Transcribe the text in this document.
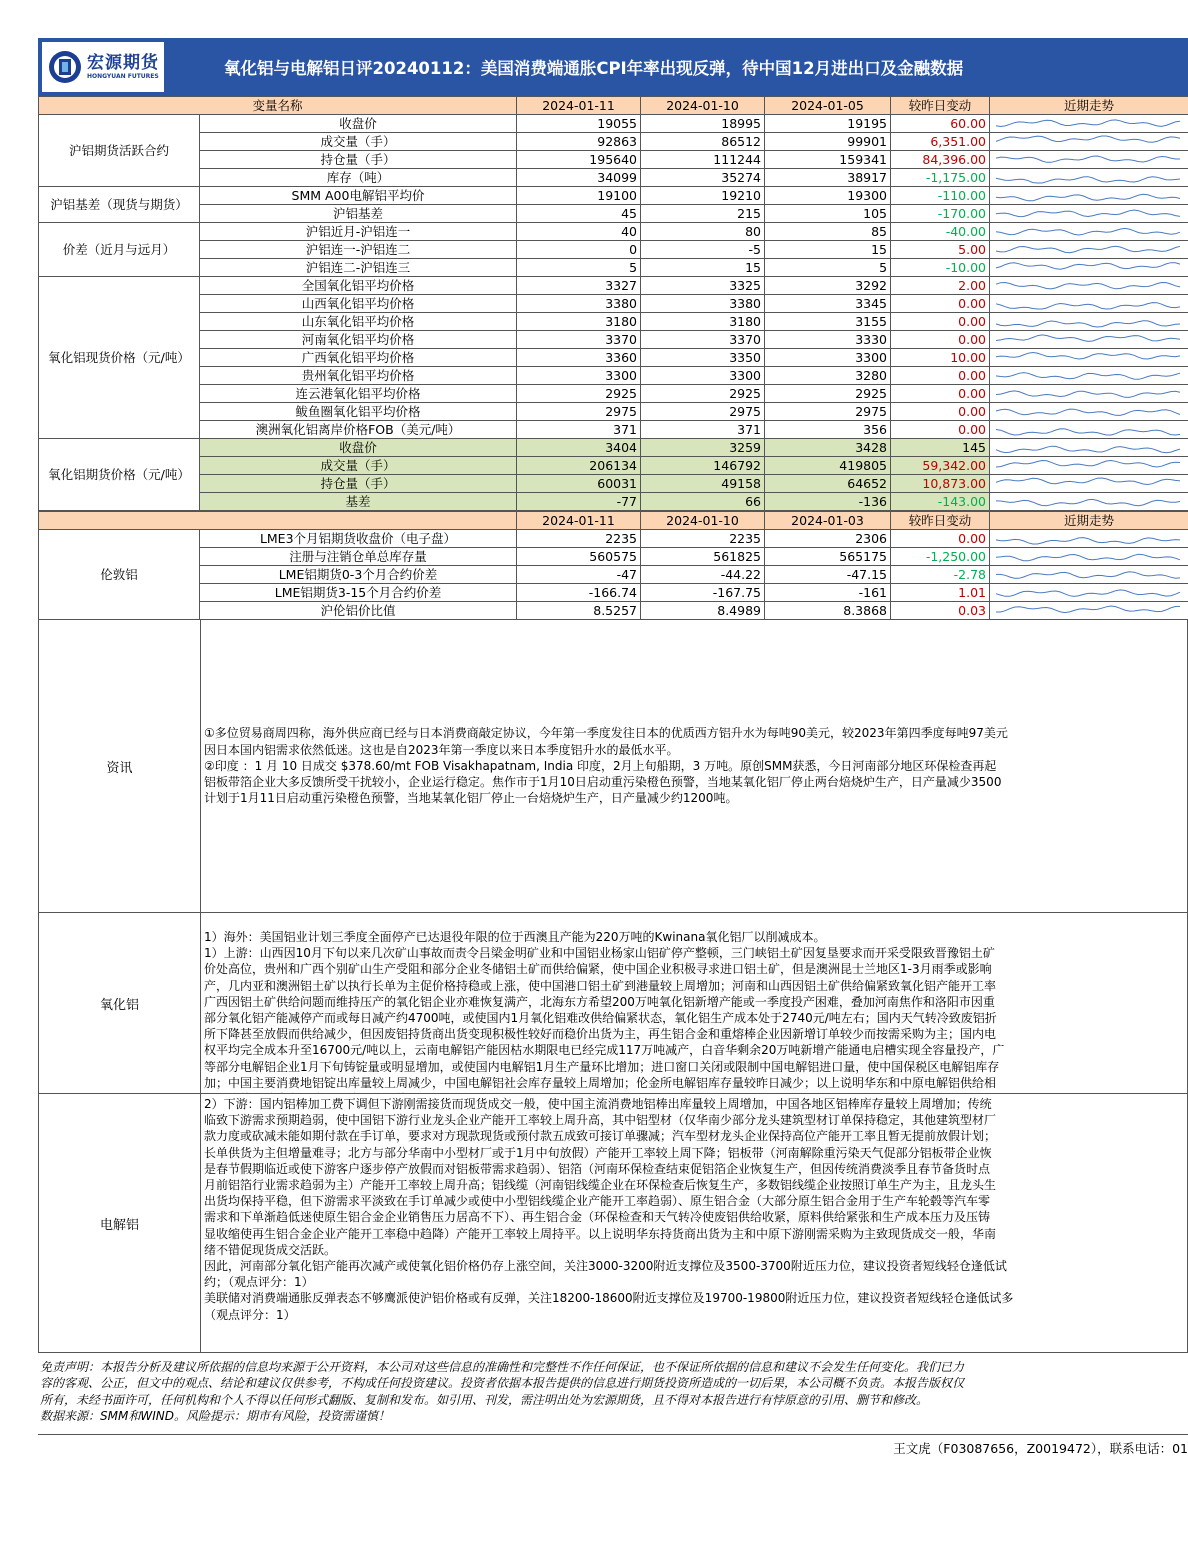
宏源期货
HONGYUAN FUTURES	氧化铝与电解铝日评20240112：美国消费端通胀CPI年率出现反弹，待中国12月进出口及金融数据
变量名称		2024-01-11	2024-01-10	2024-01-05	较昨日变动	近期走势
沪铝期货活跃合约	收盘价	19055	18995	19195	60.00	

	成交量（手）	92863	86512	99901	6,351.00	

	持仓量（手）	195640	111244	159341	84,396.00	

	库存（吨）	34099	35274	38917	-1,175.00	

沪铝基差（现货与期货）	SMM A00电解铝平均价	19100	19210	19300	-110.00	

	沪铝基差	45	215	105	-170.00	

价差（近月与远月）	沪铝近月-沪铝连一	40	80	85	-40.00	

	沪铝连一-沪铝连二	0	-5	15	5.00	

	沪铝连二-沪铝连三	5	15	5	-10.00	

氧化铝现货价格（元/吨）	全国氧化铝平均价格	3327	3325	3292	2.00	

	山西氧化铝平均价格	3380	3380	3345	0.00	

	山东氧化铝平均价格	3180	3180	3155	0.00	

	河南氧化铝平均价格	3370	3370	3330	0.00	

	广西氧化铝平均价格	3360	3350	3300	10.00	

	贵州氧化铝平均价格	3300	3300	3280	0.00	

	连云港氧化铝平均价格	2925	2925	2925	0.00	

	鲅鱼圈氧化铝平均价格	2975	2975	2975	0.00	

	澳洲氧化铝离岸价格FOB（美元/吨）	371	371	356	0.00	

氧化铝期货价格（元/吨）	收盘价	3404	3259	3428	145	

	成交量（手）	206134	146792	419805	59,342.00	

	持仓量（手）	60031	49158	64652	10,873.00	

	基差	-77	66	-136	-143.00	
		2024-01-11	2024-01-10	2024-01-03	较昨日变动	近期走势
伦敦铝	LME3个月铝期货收盘价（电子盘）	2235	2235	2306	0.00	

	注册与注销仓单总库存量	560575	561825	565175	-1,250.00	

	LME铝期货0-3个月合约价差	-47	-44.22	-47.15	-2.78	

	LME铝期货3-15个月合约价差	-166.74	-167.75	-161	1.01	

	沪伦铝价比值	8.5257	8.4989	8.3868	0.03	
资讯

①多位贸易商周四称，海外供应商已经与日本消费商敲定协议，今年第一季度发往日本的优质西方铝升水为每吨90美元，较2023年第四季度每吨97美元

因日本国内铝需求依然低迷。这也是自2023年第一季度以来日本季度铝升水的最低水平。

②印度 ：1 月 10 日成交 $378.60/mt FOB Visakhapatnam, India 印度，2月上旬船期，3 万吨。原创SMM获悉，今日河南部分地区环保检查再起

铝板带箔企业大多反馈所受干扰较小，企业运行稳定。焦作市于1月10日启动重污染橙色预警，当地某氧化铝厂停止两台焙烧炉生产，日产量减少3500

计划于1月11日启动重污染橙色预警，当地某氧化铝厂停止一台焙烧炉生产，日产量减少约1200吨。

氧化铝

1）海外：美国铝业计划三季度全面停产已达退役年限的位于西澳且产能为220万吨的Kwinana氧化铝厂以削减成本。

1）上游：山西因10月下旬以来几次矿山事故而责令吕梁金明矿业和中国铝业杨家山铝矿停产整顿，三门峡铝土矿因复垦要求而开采受限致晋豫铝土矿

价处高位，贵州和广西个别矿山生产受阻和部分企业冬储铝土矿而供给偏紧，使中国企业积极寻求进口铝土矿，但是澳洲昆士兰地区1-3月雨季或影响

产，几内亚和澳洲铝土矿以执行长单为主促价格持稳或上涨，使中国港口铝土矿到港量较上周增加；河南和山西因铝土矿供给偏紧致氧化铝产能开工率

广西因铝土矿供给问题而维持压产的氧化铝企业亦难恢复满产，北海东方希望200万吨氧化铝新增产能或一季度投产困难，叠加河南焦作和洛阳市因重

部分氧化铝产能减停产而或每日减产约4700吨，或使国内1月氧化铝难改供给偏紧状态，氧化铝生产成本处于2740元/吨左右；国内天气转冷致废铝折

所下降甚至放假而供给减少，但因废铝持货商出货变现积极性较好而稳价出货为主，再生铝合金和重熔棒企业因新增订单较少而按需采购为主；国内电

权平均完全成本升至16700元/吨以上，云南电解铝产能因枯水期限电已经完成117万吨减产，白音华剩余20万吨新增产能通电启槽实现全容量投产，广

等部分电解铝企业1月下旬铸锭量或明显增加，或使国内电解铝1月生产量环比增加；进口窗口关闭或限制中国电解铝进口量，使中国保税区电解铝库存

加；中国主要消费地铝锭出库量较上周减少，中国电解铝社会库存量较上周增加；伦金所电解铝库存量较昨日减少；以上说明华东和中原电解铝供给相

电解铝

2）下游：国内铝棒加工费下调但下游刚需接货而现货成交一般，使中国主流消费地铝棒出库量较上周增加，中国各地区铝棒库存量较上周增加；传统

临致下游需求预期趋弱，使中国铝下游行业龙头企业产能开工率较上周升高，其中铝型材（仅华南少部分龙头建筑型材订单保持稳定，其他建筑型材厂

款力度或砍减未能如期付款在手订单，要求对方现款现货或预付款五成致可接订单骤减；汽车型材龙头企业保持高位产能开工率且暂无提前放假计划；

长单供货为主但增量难寻；北方与部分华南中小型材厂或于1月中旬放假）产能开工率较上周下降；铝板带（河南解除重污染天气促部分铝板带企业恢

是春节假期临近或使下游客户逐步停产放假而对铝板带需求趋弱）、铝箔（河南环保检查结束促铝箔企业恢复生产，但因传统消费淡季且春节备货时点

月前铝箔行业需求趋弱为主）产能开工率较上周升高；铝线缆（河南铝线缆企业在环保检查后恢复生产，多数铝线缆企业按照订单生产为主，且龙头生

出货均保持平稳，但下游需求平淡致在手订单减少或使中小型铝线缆企业产能开工率趋弱）、原生铝合金（大部分原生铝合金用于生产车轮毂等汽车零

需求和下单渐趋低迷使原生铝合金企业销售压力居高不下）、再生铝合金（环保检查和天气转冷使废铝供给收紧，原料供给紧张和生产成本压力及压铸

显收缩使再生铝合金企业产能开工率稳中趋降）产能开工率较上周持平。以上说明华东持货商出货为主和中原下游刚需采购为主致现货成交一般，华南

绪不错促现货成交活跃。

因此，河南部分氧化铝产能再次减产或使氧化铝价格仍存上涨空间，关注3000-3200附近支撑位及3500-3700附近压力位，建议投资者短线轻仓逢低试

约；（观点评分：1）

美联储对消费端通胀反弹表态不够鹰派使沪铝价格或有反弹，关注18200-18600附近支撑位及19700-19800附近压力位，建议投资者短线轻仓逢低试多

（观点评分：1）

免责声明：本报告分析及建议所依据的信息均来源于公开资料，本公司对这些信息的准确性和完整性不作任何保证，也不保证所依据的信息和建议不会发生任何变化。我们已力

容的客观、公正，但文中的观点、结论和建议仅供参考，不构成任何投资建议。投资者依据本报告提供的信息进行期货投资所造成的一切后果，本公司概不负责。本报告版权仅

所有，未经书面许可，任何机构和个人不得以任何形式翻版、复制和发布。如引用、刊发，需注明出处为宏源期货，且不得对本报告进行有悖原意的引用、删节和修改。

数据来源：SMM和WIND。风险提示：期市有风险，投资需谨慎！

王文虎（F03087656，Z0019472），联系电话：01
